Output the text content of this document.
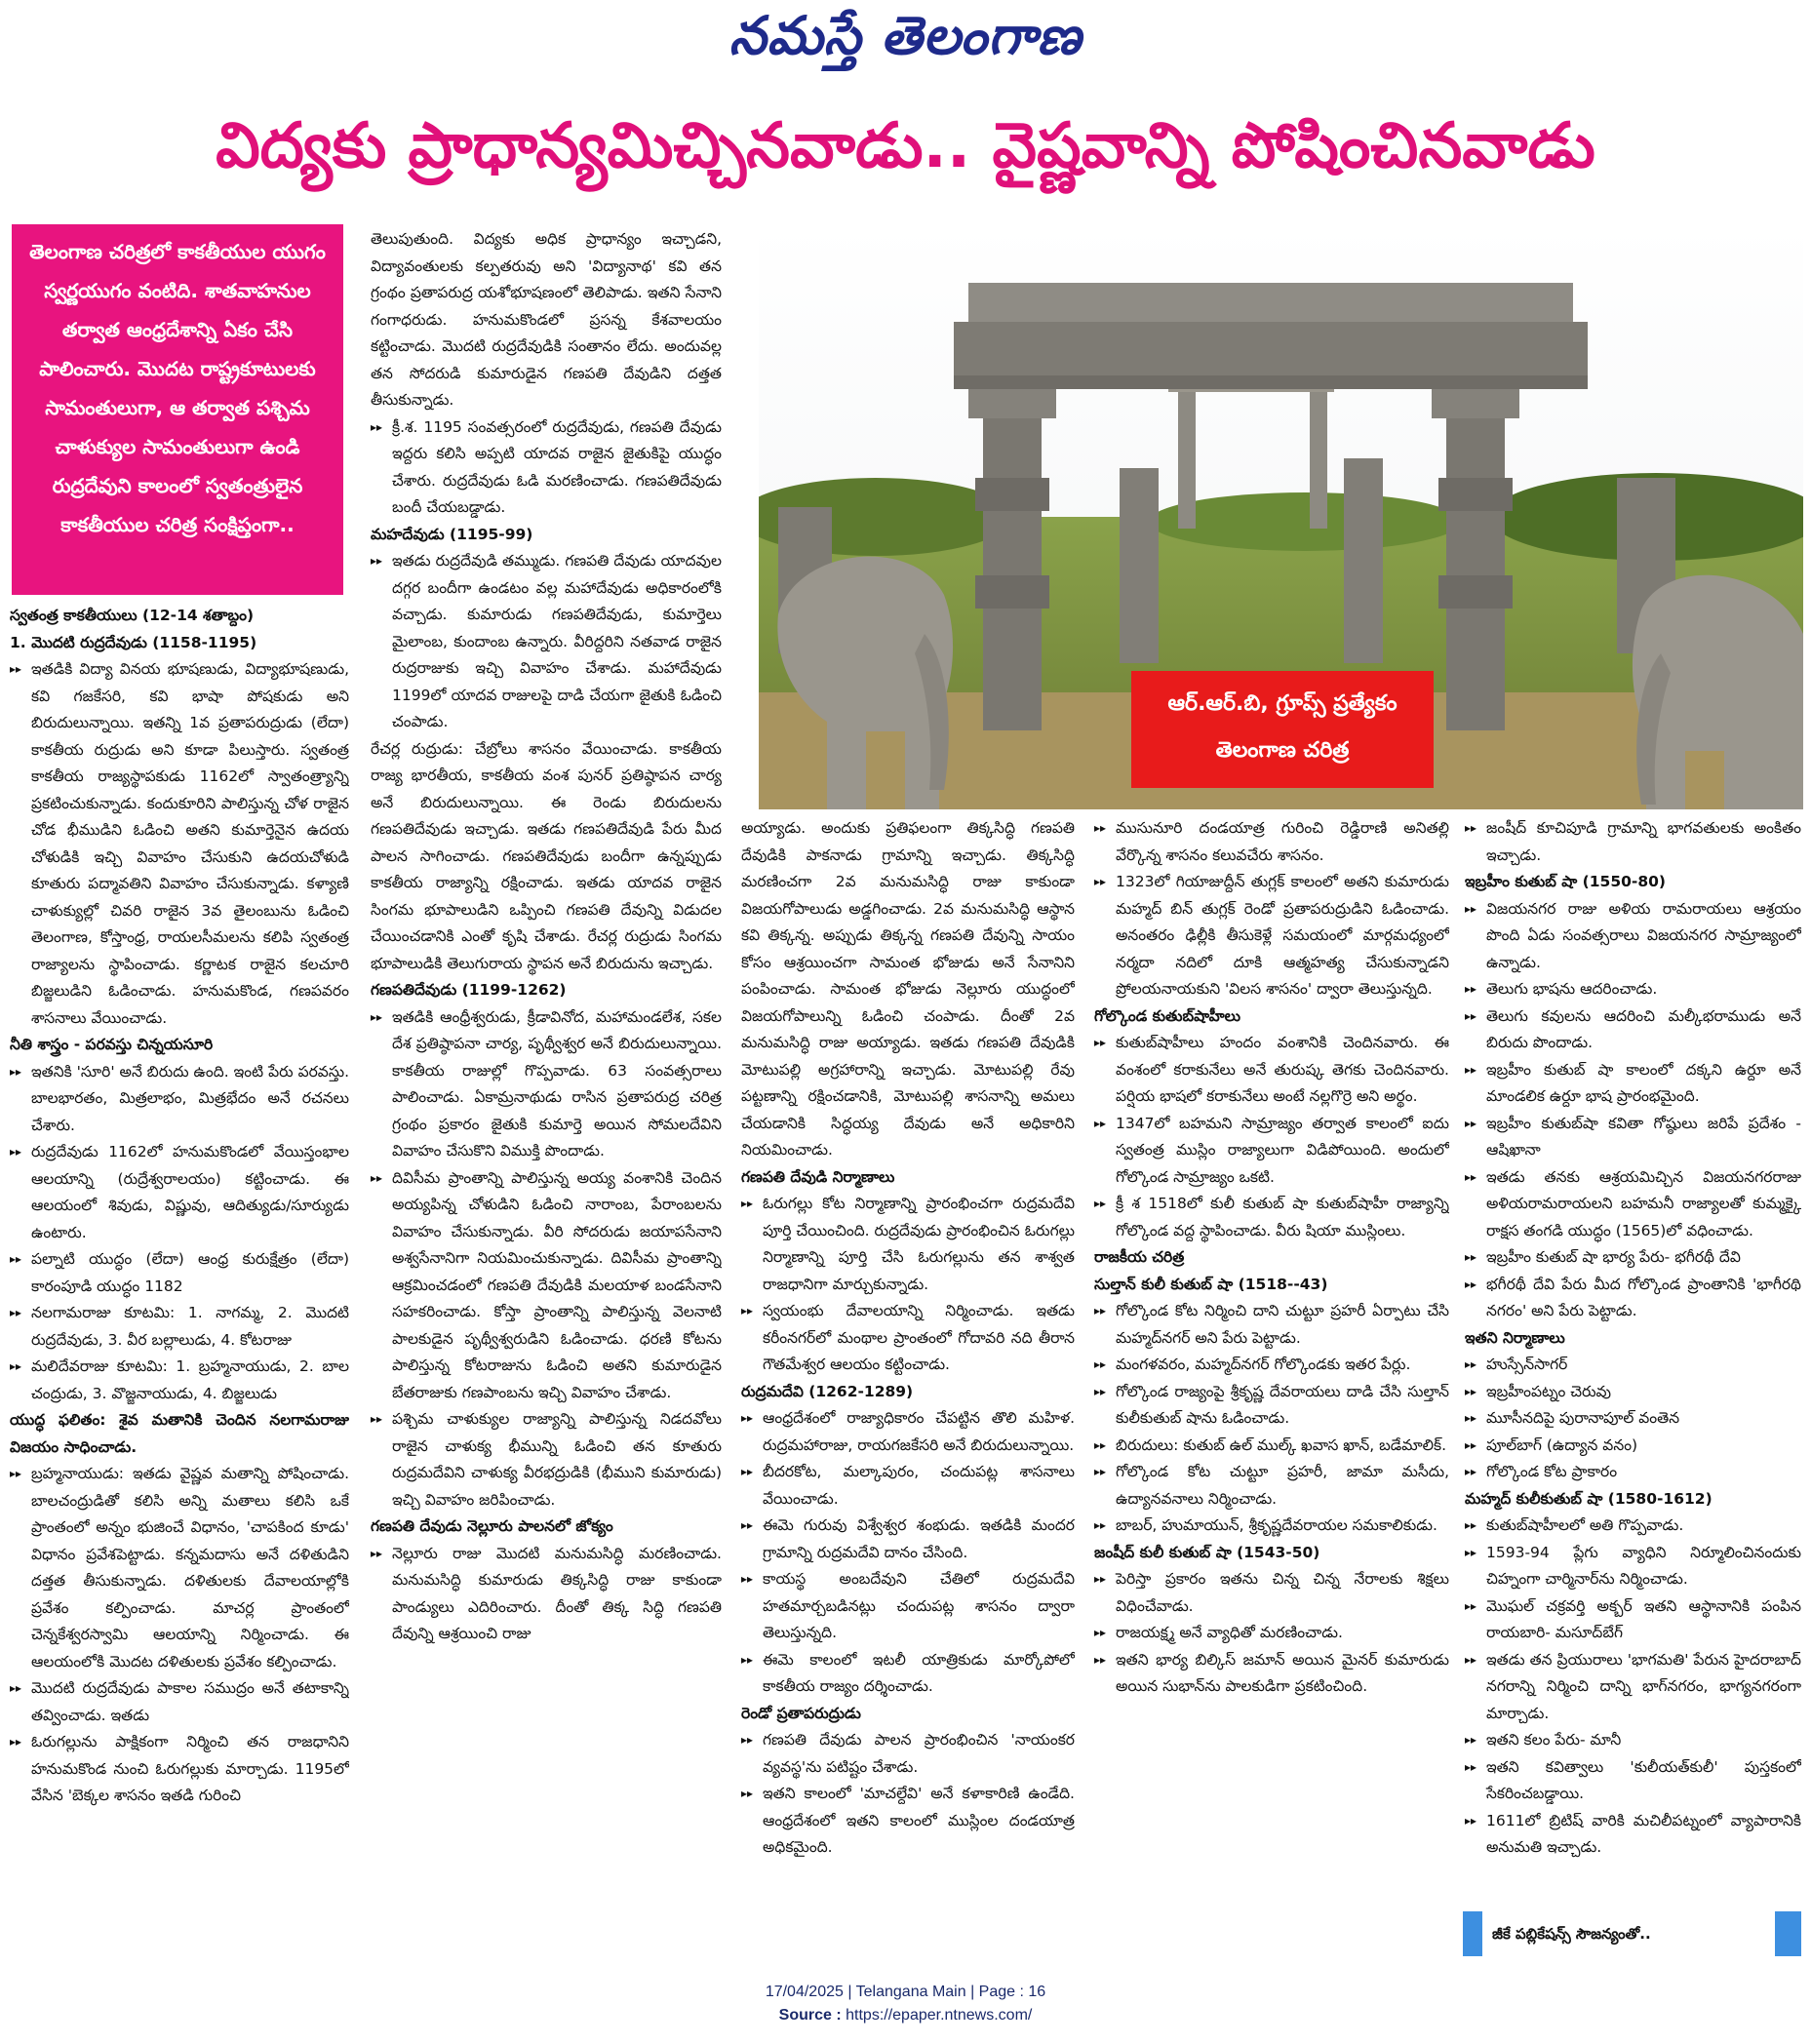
నమస్తే తెలంగాణ
విద్యకు ప్రాధాన్యమిచ్చినవాడు.. వైష్ణవాన్ని పోషించినవాడు
తెలంగాణ చరిత్రలో కాకతీయుల యుగం స్వర్ణయుగం వంటిది. శాతవాహనుల తర్వాత ఆంధ్రదేశాన్ని ఏకం చేసి పాలించారు. మొదట రాష్ట్రకూటులకు సామంతులుగా, ఆ తర్వాత పశ్చిమ చాళుక్యుల సామంతులుగా ఉండి రుద్రదేవుని కాలంలో స్వతంత్రులైన కాకతీయుల చరిత్ర సంక్షిప్తంగా..
ఆర్.ఆర్.బి, గ్రూప్స్ ప్రత్యేకం
తెలంగాణ చరిత్ర

స్వతంత్ర కాకతీయులు (12-14 శతాబ్దం)

1. మొదటి రుద్రదేవుడు (1158-1195)

▸▸ ఇతడికి విద్యా వినయ భూషణుడు, విద్యాభూషణుడు, కవి గజకేసరి, కవి భాషా పోషకుడు అని బిరుదులున్నాయి. ఇతన్ని 1వ ప్రతాపరుద్రుడు (లేదా) కాకతీయ రుద్రుడు అని కూడా పిలుస్తారు. స్వతంత్ర కాకతీయ రాజ్యస్థాపకుడు 1162లో స్వాతంత్ర్యాన్ని ప్రకటించుకున్నాడు. కందుకూరిని పాలిస్తున్న చోళ రాజైన చోడ భీముడిని ఓడించి అతని కుమార్తెనైన ఉదయ చోళుడికి ఇచ్చి వివాహం చేసుకుని ఉదయచోళుడి కూతురు పద్మావతిని వివాహం చేసుకున్నాడు. కళ్యాణి చాళుక్యుల్లో చివరి రాజైన 3వ తైలంబును ఓడించి తెలంగాణ, కోస్తాంధ్ర, రాయలసీమలను కలిపి స్వతంత్ర రాజ్యాలను స్థాపించాడు. కర్ణాటక రాజైన కలచూరి బిజ్జలుడిని ఓడించాడు. హనుమకొండ, గణపవరం శాసనాలు వేయించాడు.

నీతి శాస్త్రం - పరవస్తు చిన్నయసూరి

▸▸ ఇతనికి 'సూరి' అనే బిరుదు ఉంది. ఇంటి పేరు పరవస్తు. బాలభారతం, మిత్రలాభం, మిత్రభేదం అనే రచనలు చేశారు.

▸▸ రుద్రదేవుడు 1162లో హనుమకొండలో వేయిస్తంభాల ఆలయాన్ని (రుద్రేశ్వరాలయం) కట్టించాడు. ఈ ఆలయంలో శివుడు, విష్ణువు, ఆదిత్యుడు/సూర్యుడు ఉంటారు.

▸▸ పల్నాటి యుద్ధం (లేదా) ఆంధ్ర కురుక్షేత్రం (లేదా) కారంపూడి యుద్ధం 1182

▸▸ నలగామరాజు కూటమి: 1. నాగమ్మ, 2. మొదటి రుద్రదేవుడు, 3. వీర బల్లాలుడు, 4. కోటరాజు

▸▸ మలిదేవరాజు కూటమి: 1. బ్రహ్మనాయుడు, 2. బాల చంద్రుడు, 3. వొజ్జనాయుడు, 4. బిజ్జలుడు

యుద్ధ ఫలితం: శైవ మతానికి చెందిన నలగామరాజు విజయం సాధించాడు.

▸▸ బ్రహ్మనాయుడు: ఇతడు వైష్ణవ మతాన్ని పోషించాడు. బాలచంద్రుడితో కలిసి అన్ని మతాలు కలిసి ఒకే ప్రాంతంలో అన్నం భుజించే విధానం, 'చాపకింద కూడు' విధానం ప్రవేశపెట్టాడు. కన్నమదాసు అనే దళితుడిని దత్తత తీసుకున్నాడు. దళితులకు దేవాలయాల్లోకి ప్రవేశం కల్పించాడు. మాచర్ల ప్రాంతంలో చెన్నకేశ్వరస్వామి ఆలయాన్ని నిర్మించాడు. ఈ ఆలయంలోకి మొదట దళితులకు ప్రవేశం కల్పించాడు.

▸▸ మొదటి రుద్రదేవుడు పాకాల సముద్రం అనే తటాకాన్ని తవ్వించాడు. ఇతడు

▸▸ ఓరుగల్లును పాక్షికంగా నిర్మించి తన రాజధానిని హనుమకొండ నుంచి ఓరుగల్లుకు మార్చాడు. 1195లో వేసిన 'బెక్కల శాసనం ఇతడి గురించి

తెలుపుతుంది. విద్యకు అధిక ప్రాధాన్యం ఇచ్చాడని, విద్యావంతులకు కల్పతరువు అని 'విద్యానాథ' కవి తన గ్రంథం ప్రతాపరుద్ర యశోభూషణంలో తెలిపాడు. ఇతని సేనాని గంగాధరుడు. హనుమకొండలో ప్రసన్న కేశవాలయం కట్టించాడు. మొదటి రుద్రదేవుడికి సంతానం లేదు. అందువల్ల తన సోదరుడి కుమారుడైన గణపతి దేవుడిని దత్తత తీసుకున్నాడు.

▸▸ క్రీ.శ. 1195 సంవత్సరంలో రుద్రదేవుడు, గణపతి దేవుడు ఇద్దరు కలిసి అప్పటి యాదవ రాజైన జైతుకిపై యుద్ధం చేశారు. రుద్రదేవుడు ఓడి మరణించాడు. గణపతిదేవుడు బందీ చేయబడ్డాడు.

మహదేవుడు (1195-99)

▸▸ ఇతడు రుద్రదేవుడి తమ్ముడు. గణపతి దేవుడు యాదవుల దగ్గర బందీగా ఉండటం వల్ల మహాదేవుడు అధికారంలోకి వచ్చాడు. కుమారుడు గణపతిదేవుడు, కుమార్తెలు మైలాంబ, కుందాంబ ఉన్నారు. వీరిద్దరిని నతవాడ రాజైన రుద్రరాజుకు ఇచ్చి వివాహం చేశాడు. మహాదేవుడు 1199లో యాదవ రాజులపై దాడి చేయగా జైతుకి ఓడించి చంపాడు.

రేచర్ల రుద్రుడు: చేబ్రోలు శాసనం వేయించాడు. కాకతీయ రాజ్య భారతీయ, కాకతీయ వంశ పునర్ ప్రతిష్ఠాపన చార్య అనే బిరుదులున్నాయి. ఈ రెండు బిరుదులను గణపతిదేవుడు ఇచ్చాడు. ఇతడు గణపతిదేవుడి పేరు మీద పాలన సాగించాడు. గణపతిదేవుడు బందీగా ఉన్నప్పుడు కాకతీయ రాజ్యాన్ని రక్షించాడు. ఇతడు యాదవ రాజైన సింగమ భూపాలుడిని ఒప్పించి గణపతి దేవున్ని విడుదల చేయించడానికి ఎంతో కృషి చేశాడు. రేచర్ల రుద్రుడు సింగమ భూపాలుడికి తెలుగురాయ స్థాపన అనే బిరుదును ఇచ్చాడు.

గణపతిదేవుడు (1199-1262)

▸▸ ఇతడికి ఆంధ్రీశ్వరుడు, క్రీడావినోద, మహామండలేశ, సకల దేశ ప్రతిష్ఠాపనా చార్య, పృథ్వీశ్వర అనే బిరుదులున్నాయి. కాకతీయ రాజుల్లో గొప్పవాడు. 63 సంవత్సరాలు పాలించాడు. ఏకామ్రనాథుడు రాసిన ప్రతాపరుద్ర చరిత్ర గ్రంథం ప్రకారం జైతుకి కుమార్తె అయిన సోమలదేవిని వివాహం చేసుకొని విముక్తి పొందాడు.

▸▸ దివిసీమ ప్రాంతాన్ని పాలిస్తున్న అయ్య వంశానికి చెందిన అయ్యపిన్న చోళుడిని ఓడించి నారాంబ, పేరాంబలను వివాహం చేసుకున్నాడు. వీరి సోదరుడు జయాపసేనాని అశ్వసేనానిగా నియమించుకున్నాడు. దివిసీమ ప్రాంతాన్ని ఆక్రమించడంలో గణపతి దేవుడికి మలయాళ బండసేనాని సహకరించాడు. కోస్తా ప్రాంతాన్ని పాలిస్తున్న వెలనాటి పాలకుడైన పృథ్వీశ్వరుడిని ఓడించాడు. ధరణి కోటను పాలిస్తున్న కోటరాజును ఓడించి అతని కుమారుడైన బేతరాజుకు గణపాంబను ఇచ్చి వివాహం చేశాడు.

▸▸ పశ్చిమ చాళుక్యుల రాజ్యాన్ని పాలిస్తున్న నిడదవోలు రాజైన చాళుక్య భీమున్ని ఓడించి తన కూతురు రుద్రమదేవిని చాళుక్య వీరభద్రుడికి (భీముని కుమారుడు) ఇచ్చి వివాహం జరిపించాడు.

గణపతి దేవుడు నెల్లూరు పాలనలో జోక్యం

▸▸ నెల్లూరు రాజు మొదటి మనుమసిద్ధి మరణించాడు. మనుమసిద్ధి కుమారుడు తిక్కసిద్ధి రాజు కాకుండా పాండ్యులు ఎదిరించారు. దీంతో తిక్క సిద్ధి గణపతి దేవున్ని ఆశ్రయించి రాజు

అయ్యాడు. అందుకు ప్రతిఫలంగా తిక్కసిద్ధి గణపతి దేవుడికి పాకనాడు గ్రామాన్ని ఇచ్చాడు. తిక్కసిద్ధి మరణించగా 2వ మనుమసిద్ధి రాజు కాకుండా విజయగోపాలుడు అడ్డగించాడు. 2వ మనుమసిద్ధి ఆస్థాన కవి తిక్కన్న. అప్పుడు తిక్కన్న గణపతి దేవున్ని సాయం కోసం ఆశ్రయించగా సామంత భోజుడు అనే సేనానిని పంపించాడు. సామంత భోజుడు నెల్లూరు యుద్ధంలో విజయగోపాలున్ని ఓడించి చంపాడు. దీంతో 2వ మనుమసిద్ధి రాజు అయ్యాడు. ఇతడు గణపతి దేవుడికి మోటుపల్లి అగ్రహారాన్ని ఇచ్చాడు. మోటుపల్లి రేవు పట్టణాన్ని రక్షించడానికి, మోటుపల్లి శాసనాన్ని అమలు చేయడానికి సిద్ధయ్య దేవుడు అనే అధికారిని నియమించాడు.

గణపతి దేవుడి నిర్మాణాలు

▸▸ ఓరుగల్లు కోట నిర్మాణాన్ని ప్రారంభించగా రుద్రమదేవి పూర్తి చేయించింది. రుద్రదేవుడు ప్రారంభించిన ఓరుగల్లు నిర్మాణాన్ని పూర్తి చేసి ఓరుగల్లును తన శాశ్వత రాజధానిగా మార్చుకున్నాడు.

▸▸ స్వయంభు దేవాలయాన్ని నిర్మించాడు. ఇతడు కరీంనగర్‌లో మంథాల ప్రాంతంలో గోదావరి నది తీరాన గౌతమేశ్వర ఆలయం కట్టించాడు.

రుద్రమదేవి (1262-1289)

▸▸ ఆంధ్రదేశంలో రాజ్యాధికారం చేపట్టిన తొలి మహిళ. రుద్రమహారాజు, రాయగజకేసరి అనే బిరుదులున్నాయి.

▸▸ బీదరకోట, మల్కాపురం, చందుపట్ల శాసనాలు వేయించాడు.

▸▸ ఈమె గురువు విశ్వేశ్వర శంభుడు. ఇతడికి మందర గ్రామాన్ని రుద్రమదేవి దానం చేసింది.

▸▸ కాయస్థ అంబదేవుని చేతిలో రుద్రమదేవి హతమార్చబడినట్లు చందుపట్ల శాసనం ద్వారా తెలుస్తున్నది.

▸▸ ఈమె కాలంలో ఇటలీ యాత్రికుడు మార్కోపోలో కాకతీయ రాజ్యం దర్శించాడు.

రెండో ప్రతాపరుద్రుడు

▸▸ గణపతి దేవుడు పాలన ప్రారంభించిన 'నాయంకర వ్యవస్థ'ను పటిష్టం చేశాడు.

▸▸ ఇతని కాలంలో 'మాచల్దేవి' అనే కళాకారిణి ఉండేది. ఆంధ్రదేశంలో ఇతని కాలంలో ముస్లింల దండయాత్ర అధికమైంది.

▸▸ ముసునూరి దండయాత్ర గురించి రెడ్డిరాణి అనితల్లి వేర్కొన్న శాసనం కలువచేరు శాసనం.

▸▸ 1323లో గియాజుద్దీన్ తుగ్లక్ కాలంలో అతని కుమారుడు మహ్మద్ బిన్ తుగ్లక్ రెండో ప్రతాపరుద్రుడిని ఓడించాడు. అనంతరం ఢిల్లీకి తీసుకెళ్లే సమయంలో మార్గమధ్యంలో నర్మదా నదిలో దూకి ఆత్మహత్య చేసుకున్నాడని ప్రోలయనాయకుని 'విలస శాసనం' ద్వారా తెలుస్తున్నది.

గోల్కొండ కుతుబ్‌షాహీలు

▸▸ కుతుబ్‌షాహీలు హందం వంశానికి చెందినవారు. ఈ వంశంలో కరాకునేలు అనే తురుష్క తెగకు చెందినవారు. పర్షియ భాషలో కరాకునేలు అంటే నల్లగొర్రె అని అర్థం.

▸▸ 1347లో బహమని సామ్రాజ్యం తర్వాత కాలంలో ఐదు స్వతంత్ర ముస్లిం రాజ్యాలుగా విడిపోయింది. అందులో గోల్కొండ సామ్రాజ్యం ఒకటి.

▸▸ క్రీ శ 1518లో కులీ కుతుబ్ షా కుతుబ్‌షాహీ రాజ్యాన్ని గోల్కొండ వద్ద స్థాపించాడు. వీరు షియా ముస్లింలు.

రాజకీయ చరిత్ర

సుల్తాన్ కులీ కుతుబ్ షా (1518--43)

▸▸ గోల్కొండ కోట నిర్మించి దాని చుట్టూ ప్రహరీ ఏర్పాటు చేసి మహ్మద్‌నగర్ అని పేరు పెట్టాడు.

▸▸ మంగళవరం, మహ్మద్‌నగర్ గోల్కొండకు ఇతర పేర్లు.

▸▸ గోల్కొండ రాజ్యంపై శ్రీకృష్ణ దేవరాయలు దాడి చేసి సుల్తాన్ కులీకుతుబ్ షాను ఓడించాడు.

▸▸ బిరుదులు: కుతుబ్ ఉల్ ముల్క్ ఖవాస ఖాన్, బడేమాలిక్.

▸▸ గోల్కొండ కోట చుట్టూ ప్రహరీ, జామా మసీదు, ఉద్యానవనాలు నిర్మించాడు.

▸▸ బాబర్, హుమాయున్, శ్రీకృష్ణదేవరాయల సమకాలికుడు.

జంషీద్ కులీ కుతుబ్ షా (1543-50)

▸▸ పెరిస్తా ప్రకారం ఇతను చిన్న చిన్న నేరాలకు శిక్షలు విధించేవాడు.

▸▸ రాజయక్ష్మ అనే వ్యాధితో మరణించాడు.

▸▸ ఇతని భార్య బిల్కిస్ జమాన్ అయిన మైనర్ కుమారుడు అయిన సుభాన్‌ను పాలకుడిగా ప్రకటించింది.

▸▸ జంషీద్ కూచిపూడి గ్రామాన్ని భాగవతులకు అంకితం ఇచ్చాడు.

ఇబ్రహీం కుతుబ్ షా (1550-80)

▸▸ విజయనగర రాజు అళియ రామరాయలు ఆశ్రయం పొంది ఏడు సంవత్సరాలు విజయనగర సామ్రాజ్యంలో ఉన్నాడు.

▸▸ తెలుగు భాషను ఆదరించాడు.

▸▸ తెలుగు కవులను ఆదరించి మల్కీభరాముడు అనే బిరుదు పొందాడు.

▸▸ ఇబ్రహీం కుతుబ్ షా కాలంలో దక్కని ఉర్దూ అనే మాండలిక ఉర్దూ భాష ప్రారంభమైంది.

▸▸ ఇబ్రహీం కుతుబ్‌షా కవితా గోష్ఠులు జరిపే ప్రదేశం - ఆషిఖానా

▸▸ ఇతడు తనకు ఆశ్రయమిచ్చిన విజయనగరరాజు అళియరామరాయలని బహమనీ రాజ్యాలతో కుమ్మక్కై రాక్షస తంగడి యుద్ధం (1565)లో వధించాడు.

▸▸ ఇబ్రహీం కుతుబ్ షా భార్య పేరు- భగీరథీ దేవి

▸▸ భగీరథీ దేవి పేరు మీద గోల్కొండ ప్రాంతానికి 'భాగీరథి నగరం' అని పేరు పెట్టాడు.

ఇతని నిర్మాణాలు

▸▸ హుస్సేన్‌సాగర్

▸▸ ఇబ్రహీంపట్నం చెరువు

▸▸ మూసీనదిపై పురానాపూల్ వంతెన

▸▸ పూల్‌బాగ్ (ఉద్యాన వనం)

▸▸ గోల్కొండ కోట ప్రాకారం

మహ్మద్ కులీకుతుబ్ షా (1580-1612)

▸▸ కుతుబ్‌షాహీలలో అతి గొప్పవాడు.

▸▸ 1593-94 ప్లేగు వ్యాధిని నిర్మూలించినందుకు చిహ్నంగా చార్మినార్‌ను నిర్మించాడు.

▸▸ మొఘల్ చక్రవర్తి అక్బర్ ఇతని ఆస్థానానికి పంపిన రాయబారి- మసూద్‌బేగ్

▸▸ ఇతడు తన ప్రియురాలు 'భాగమతి' పేరున హైదరాబాద్ నగరాన్ని నిర్మించి దాన్ని భాగ్‌నగరం, భాగ్యనగరంగా మార్చాడు.

▸▸ ఇతని కలం పేరు- మానీ

▸▸ ఇతని కవిత్వాలు 'కులీయత్‌కులీ' పుస్తకంలో సేకరించబడ్డాయి.

▸▸ 1611లో బ్రిటిష్ వారికి మచిలీపట్నంలో వ్యాపారానికి అనుమతి ఇచ్చాడు.

జీకే పబ్లికేషన్స్ సౌజన్యంతో..
17/04/2025 | Telangana Main | Page : 16
Source : https://epaper.ntnews.com/
